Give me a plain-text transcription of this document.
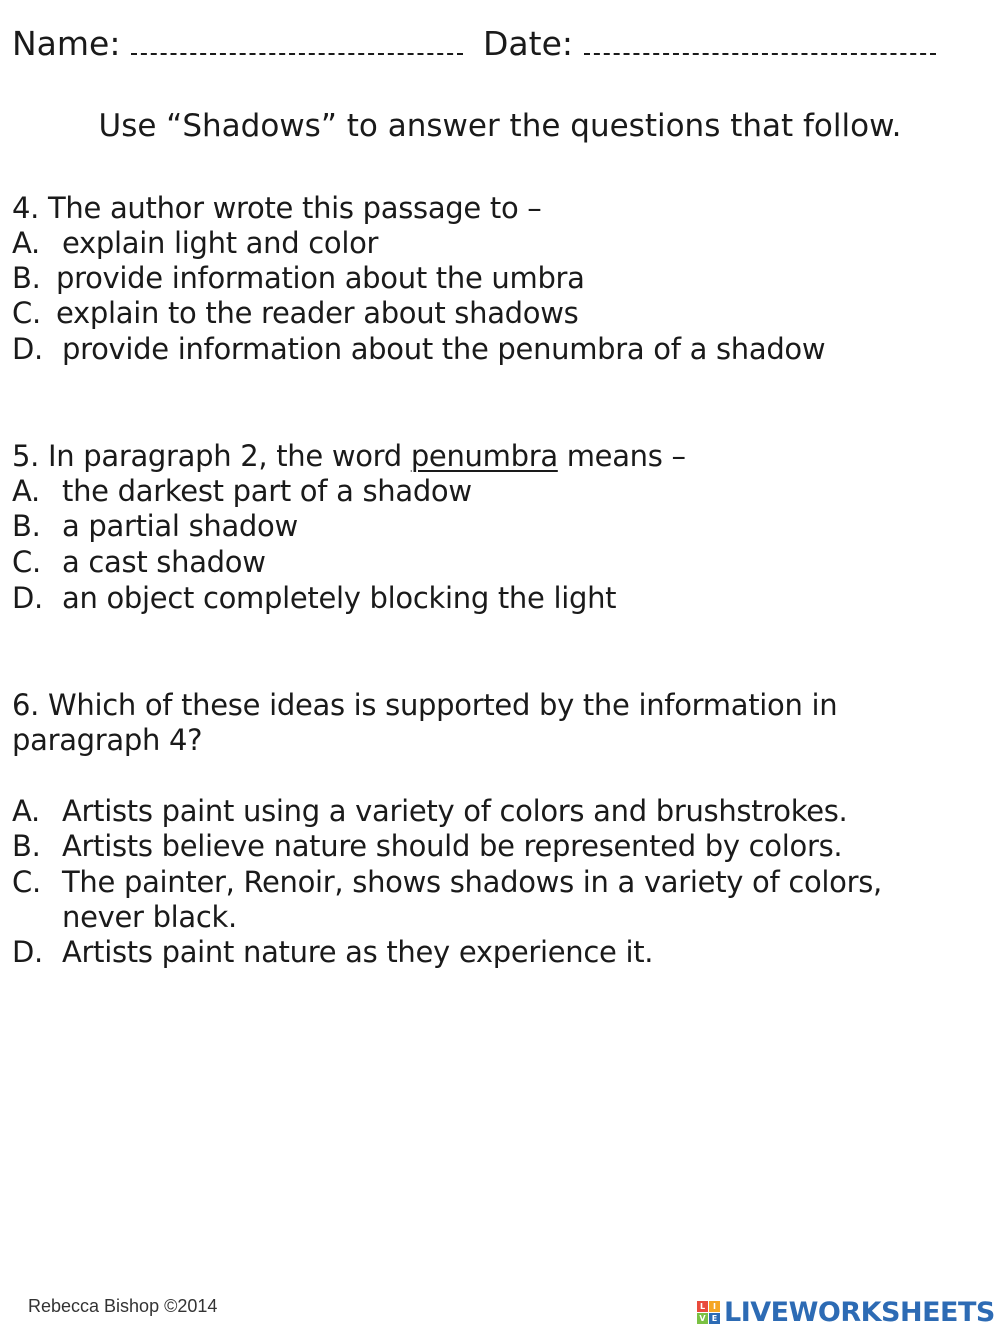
Name:	Date:
Use “Shadows” to answer the questions that follow.
4. The author wrote this passage to –
A. explain light and color
B. provide information about the umbra
C. explain to the reader about shadows
D. provide information about the penumbra of a shadow
5. In paragraph 2, the word penumbra means –
A. the darkest part of a shadow
B. a partial shadow
C. a cast shadow
D. an object completely blocking the light
6. Which of these ideas is supported by the information in
paragraph 4?
A. Artists paint using a variety of colors and brushstrokes.
B. Artists believe nature should be represented by colors.
C. The painter, Renoir, shows shadows in a variety of colors,
never black.
D. Artists paint nature as they experience it.
Rebecca Bishop ©2014	L I
V E LIVEWORKSHEETS
